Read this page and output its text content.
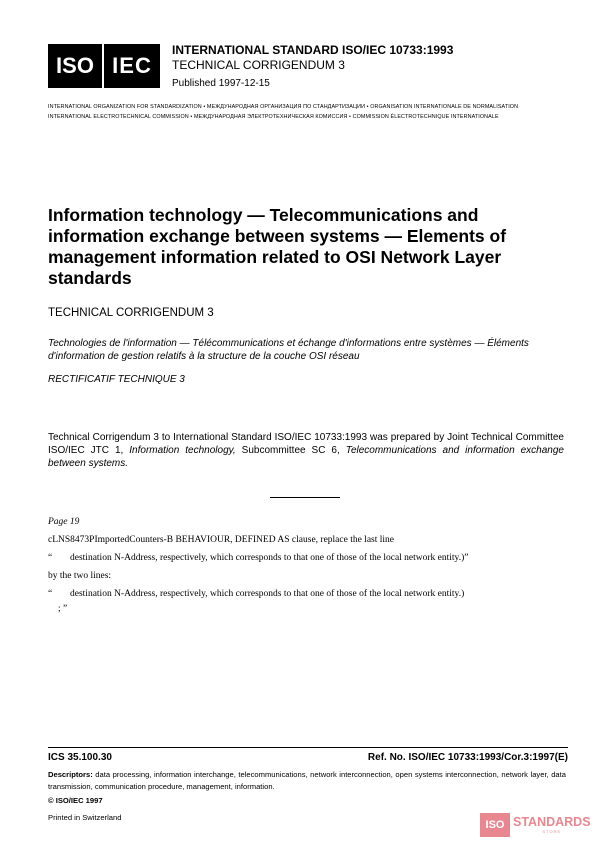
ISO IEC
INTERNATIONAL STANDARD ISO/IEC 10733:1993
TECHNICAL CORRIGENDUM 3
Published 1997-12-15
INTERNATIONAL ORGANIZATION FOR STANDARDIZATION • МЕЖДУНАРОДНАЯ ОРГАНИЗАЦИЯ ПО СТАНДАРТИЗАЦИИ • ORGANISATION INTERNATIONALE DE NORMALISATION
INTERNATIONAL ELECTROTECHNICAL COMMISSION • МЕЖДУНАРОДНАЯ ЭЛЕКТРОТЕХНИЧЕСКАЯ КОМИССИЯ • COMMISSION ÉLECTROTECHNIQUE INTERNATIONALE
Information technology — Telecommunications and information exchange between systems — Elements of management information related to OSI Network Layer standards
TECHNICAL CORRIGENDUM 3
Technologies de l'information — Télécommunications et échange d'informations entre systèmes — Éléments d'information de gestion relatifs à la structure de la couche OSI réseau
RECTIFICATIF TECHNIQUE 3
Technical Corrigendum 3 to International Standard ISO/IEC 10733:1993 was prepared by Joint Technical Committee ISO/IEC JTC 1, Information technology, Subcommittee SC 6, Telecommunications and information exchange between systems.
Page 19
cLNS8473PImportedCounters-B BEHAVIOUR, DEFINED AS clause, replace the last line
“ destination N-Address, respectively, which corresponds to that one of those of the local network entity.)”
by the two lines:
“ destination N-Address, respectively, which corresponds to that one of those of the local network entity.)
; ”
ICS 35.100.30	Ref. No. ISO/IEC 10733:1993/Cor.3:1997(E)
Descriptors: data processing, information interchange, telecommunications, network interconnection, open systems interconnection, network layer, data transmission, communication procedure, management, information.
© ISO/IEC 1997
Printed in Switzerland
ISO STANDARDS
STORE
